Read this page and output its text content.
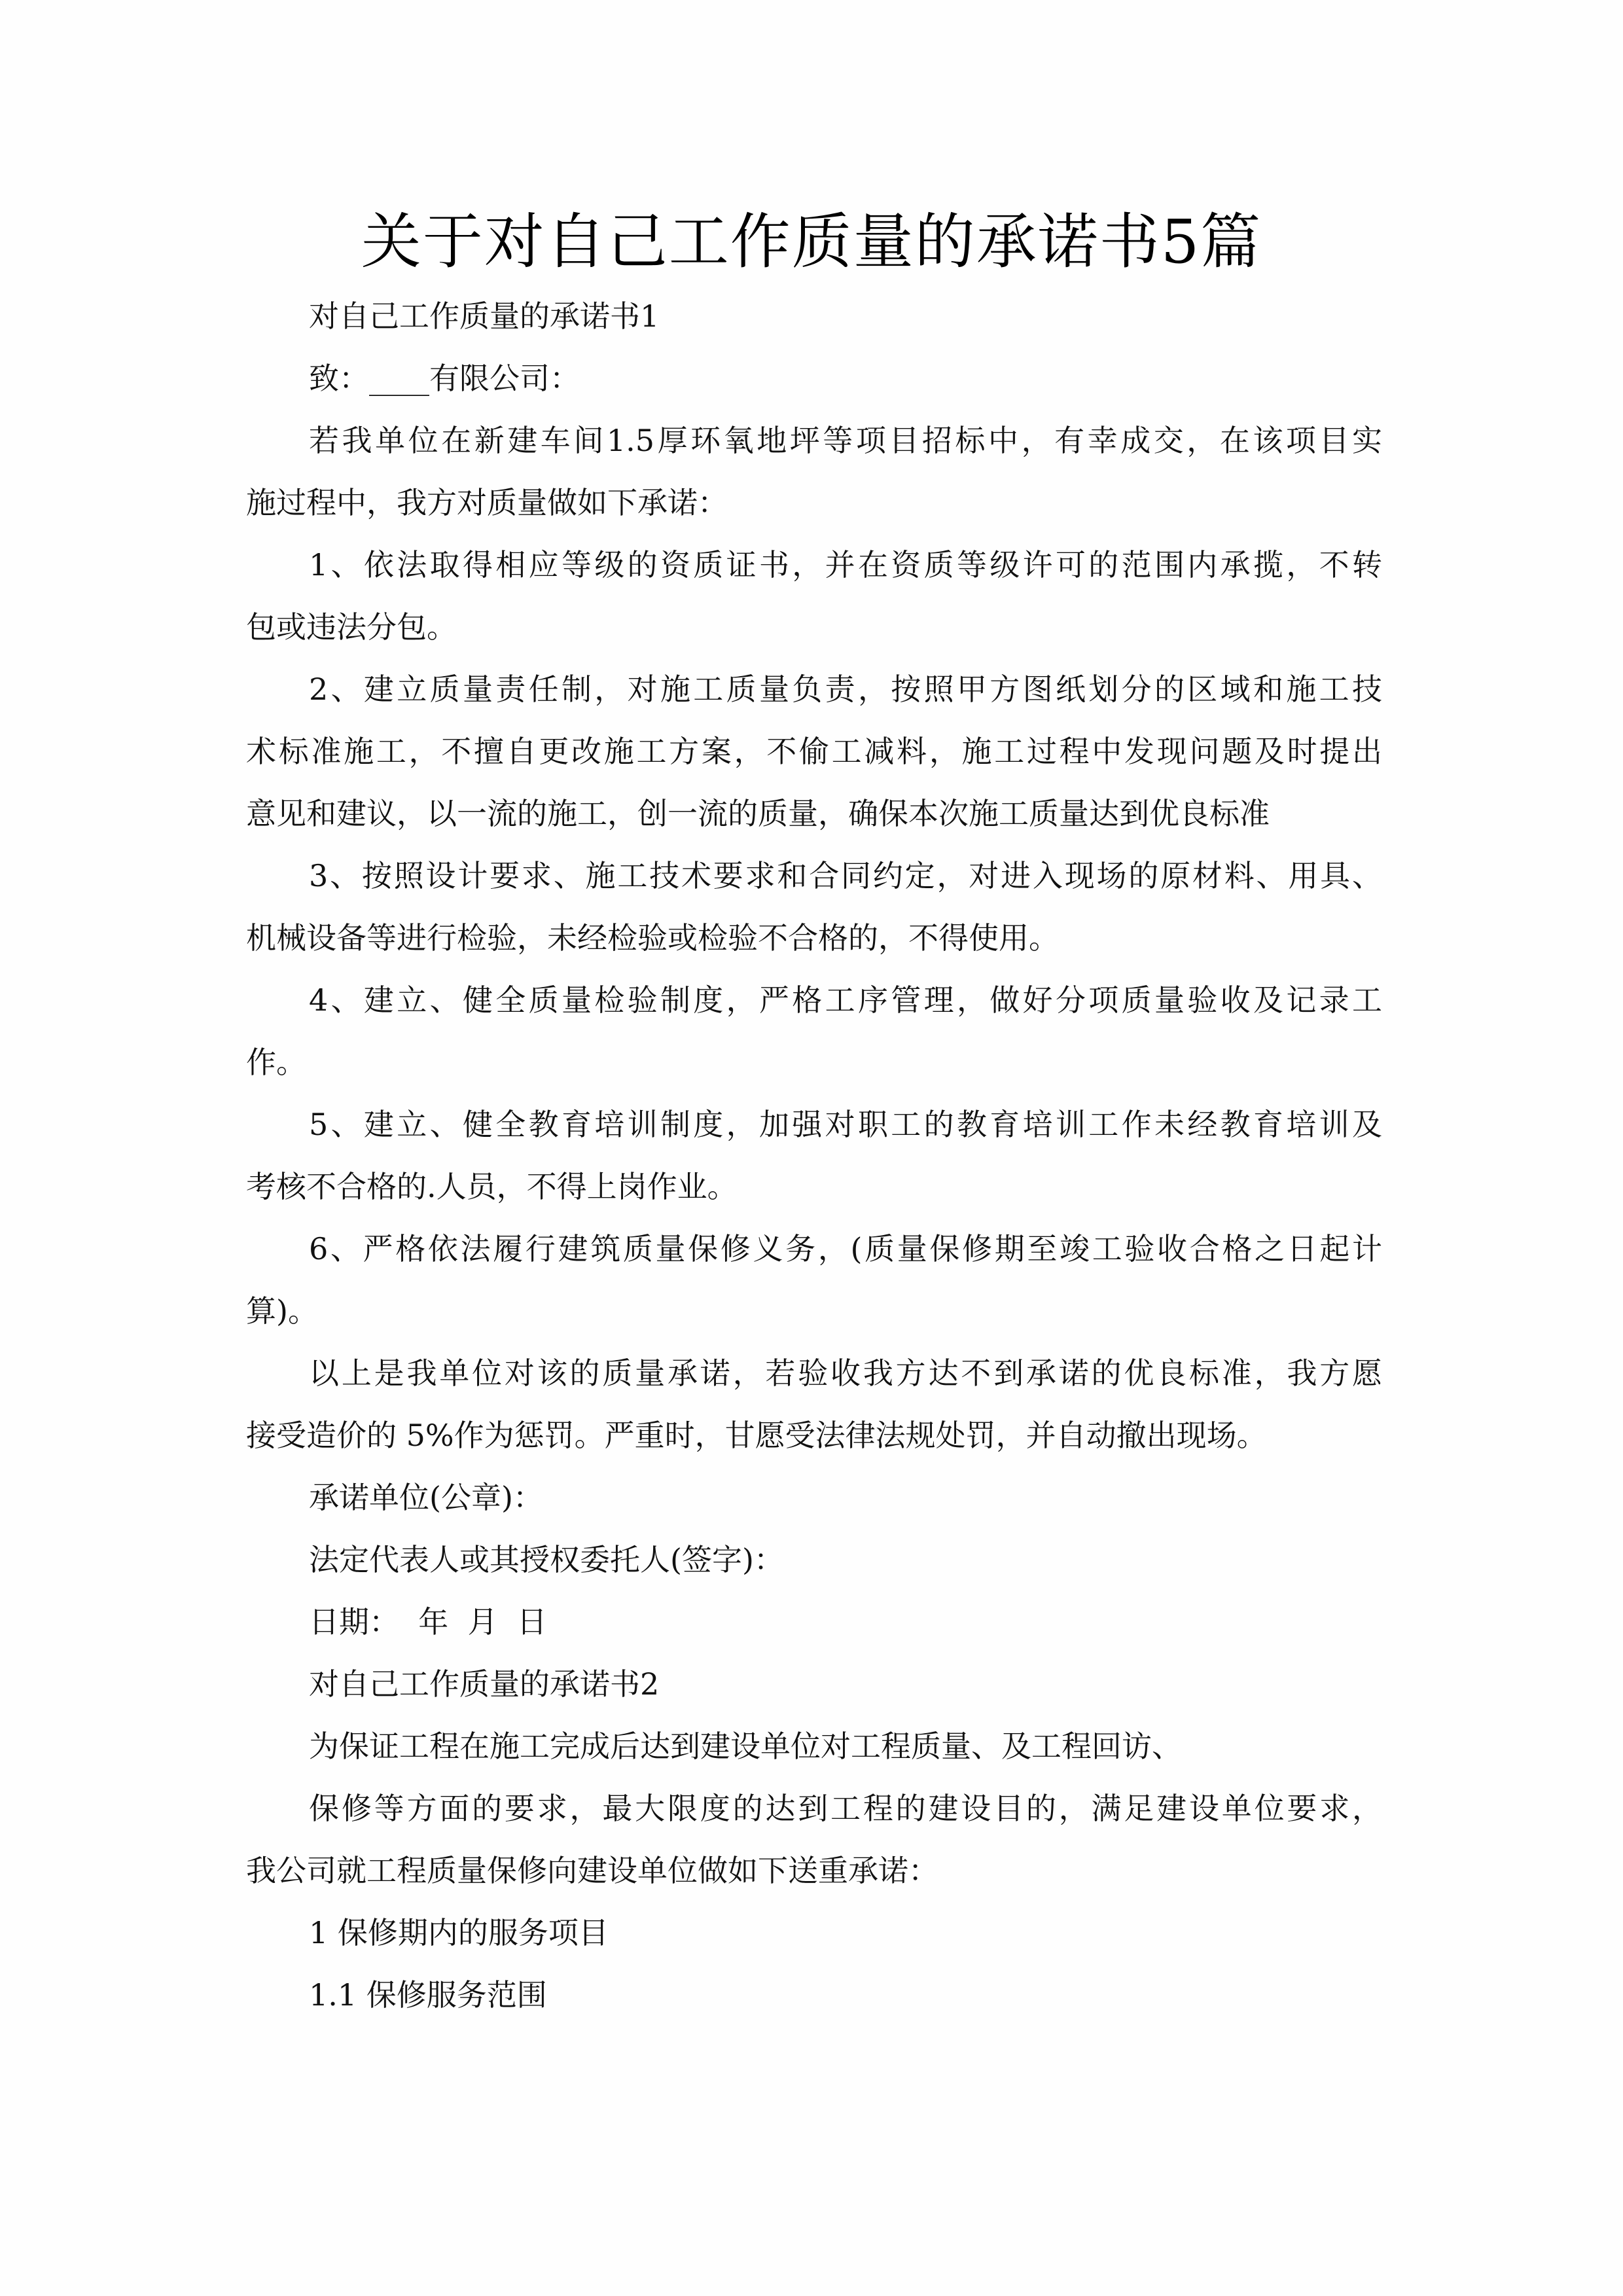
关于对自己工作质量的承诺书5篇
对自己工作质量的承诺书1
致：____有限公司：
若我单位在新建车间1.5厚环氧地坪等项目招标中，有幸成交，在该项目实
施过程中，我方对质量做如下承诺：
1、依法取得相应等级的资质证书，并在资质等级许可的范围内承揽，不转
包或违法分包。
2、建立质量责任制，对施工质量负责，按照甲方图纸划分的区域和施工技
术标准施工，不擅自更改施工方案，不偷工减料，施工过程中发现问题及时提出
意见和建议，以一流的施工，创一流的质量，确保本次施工质量达到优良标准
3、按照设计要求、施工技术要求和合同约定，对进入现场的原材料、用具、
机械设备等进行检验，未经检验或检验不合格的，不得使用。
4、建立、健全质量检验制度，严格工序管理，做好分项质量验收及记录工
作。
5、建立、健全教育培训制度，加强对职工的教育培训工作未经教育培训及
考核不合格的.人员，不得上岗作业。
6、严格依法履行建筑质量保修义务，(质量保修期至竣工验收合格之日起计
算)。
以上是我单位对该的质量承诺，若验收我方达不到承诺的优良标准，我方愿
接受造价的 5%作为惩罚。严重时，甘愿受法律法规处罚，并自动撤出现场。
承诺单位(公章)：
法定代表人或其授权委托人(签字)：
日期：  年  月  日
对自己工作质量的承诺书2
为保证工程在施工完成后达到建设单位对工程质量、及工程回访、
保修等方面的要求，最大限度的达到工程的建设目的，满足建设单位要求，
我公司就工程质量保修向建设单位做如下送重承诺：
1 保修期内的服务项目
1.1 保修服务范围
